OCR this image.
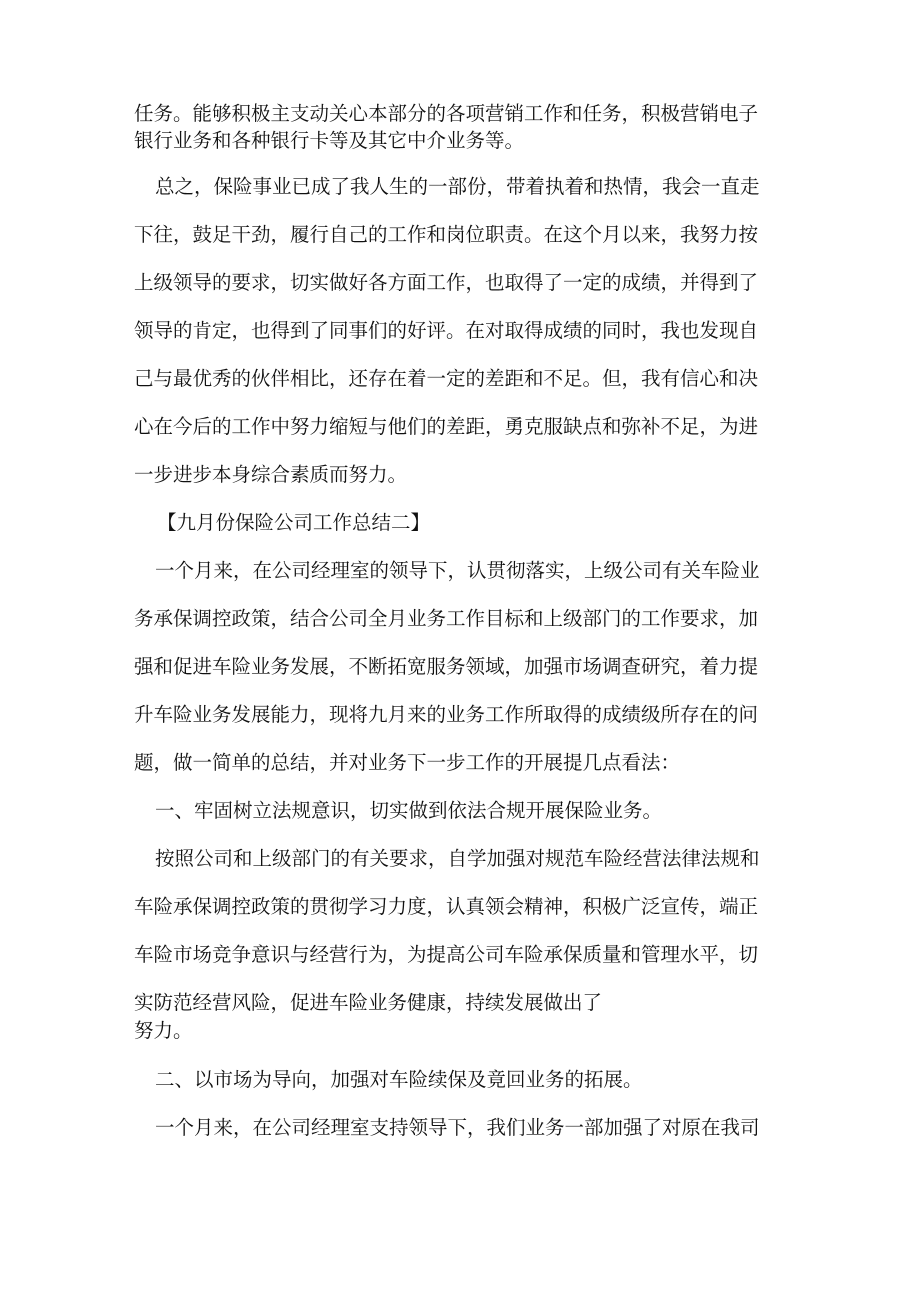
任务。能够积极主支动关心本部分的各项营销工作和任务，积极营销电子
银行业务和各种银行卡等及其它中介业务等。
总之，保险事业已成了我人生的一部份，带着执着和热情，我会一直走
下往，鼓足干劲，履行自己的工作和岗位职责。在这个月以来，我努力按
上级领导的要求，切实做好各方面工作，也取得了一定的成绩，并得到了
领导的肯定，也得到了同事们的好评。在对取得成绩的同时，我也发现自
己与最优秀的伙伴相比，还存在着一定的差距和不足。但，我有信心和决
心在今后的工作中努力缩短与他们的差距，勇克服缺点和弥补不足，为进
一步进步本身综合素质而努力。
【九月份保险公司工作总结二】
一个月来，在公司经理室的领导下，认贯彻落实，上级公司有关车险业
务承保调控政策，结合公司全月业务工作目标和上级部门的工作要求，加
强和促进车险业务发展，不断拓宽服务领域，加强市场调查研究，着力提
升车险业务发展能力，现将九月来的业务工作所取得的成绩级所存在的问
题，做一简单的总结，并对业务下一步工作的开展提几点看法：
一、牢固树立法规意识，切实做到依法合规开展保险业务。
按照公司和上级部门的有关要求，自学加强对规范车险经营法律法规和
车险承保调控政策的贯彻学习力度，认真领会精神，积极广泛宣传，端正
车险市场竞争意识与经营行为，为提高公司车险承保质量和管理水平，切
实防范经营风险，促进车险业务健康，持续发展做出了
努力。
二、以市场为导向，加强对车险续保及竟回业务的拓展。
一个月来，在公司经理室支持领导下，我们业务一部加强了对原在我司
